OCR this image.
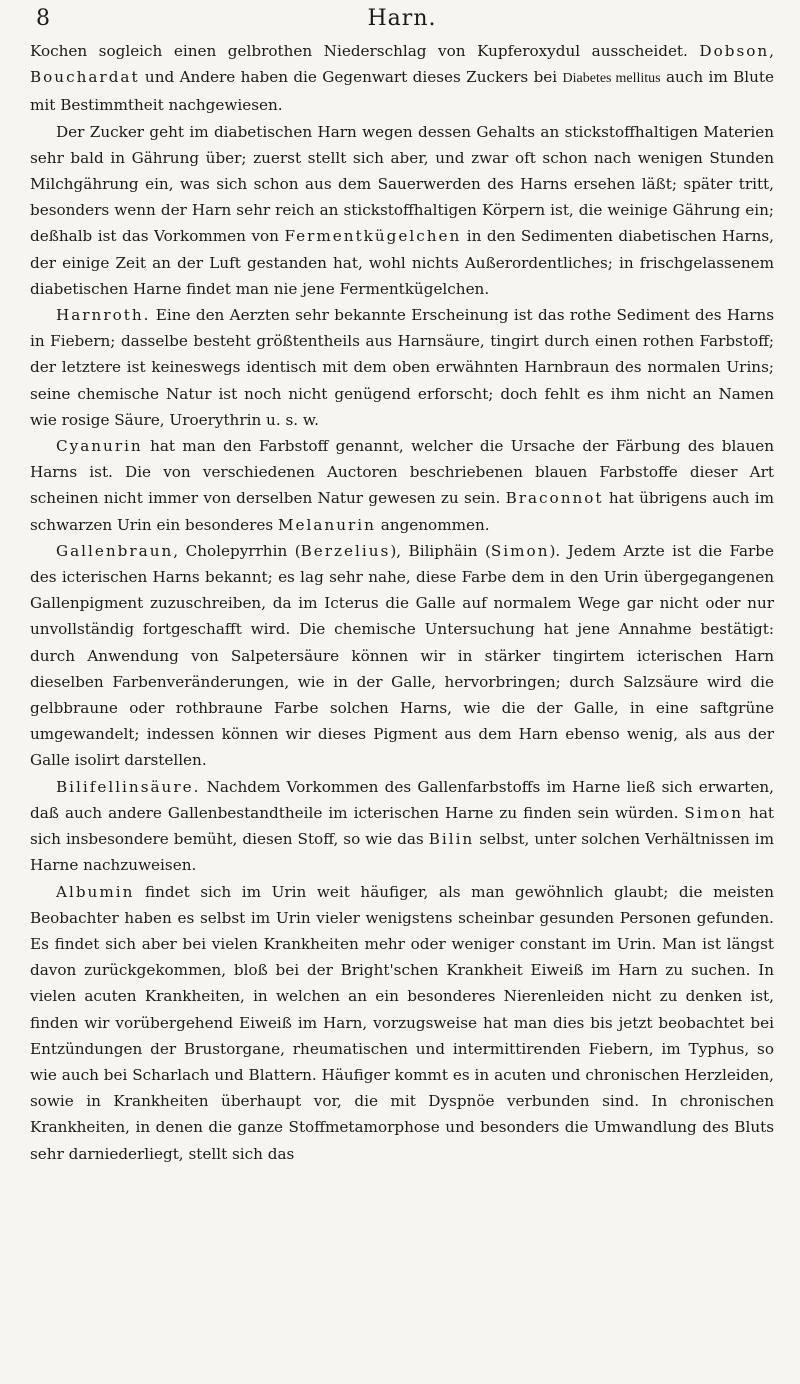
8	Harn.

Kochen sogleich einen gelbrothen Niederschlag von Kupferoxydul ausscheidet. Dobson, Bouchardat und Andere haben die Gegenwart dieses Zuckers bei Diabetes mellitus auch im Blute mit Bestimmtheit nachgewiesen.

Der Zucker geht im diabetischen Harn wegen dessen Gehalts an stickstoffhaltigen Materien sehr bald in Gährung über; zuerst stellt sich aber, und zwar oft schon nach wenigen Stunden Milchgährung ein, was sich schon aus dem Sauerwerden des Harns ersehen läßt; später tritt, besonders wenn der Harn sehr reich an stickstoffhaltigen Körpern ist, die weinige Gährung ein; deßhalb ist das Vorkommen von Fermentkügelchen in den Sedimenten diabetischen Harns, der einige Zeit an der Luft gestanden hat, wohl nichts Außerordentliches; in frischgelassenem diabetischen Harne findet man nie jene Fermentkügelchen.

Harnroth. Eine den Aerzten sehr bekannte Erscheinung ist das rothe Sediment des Harns in Fiebern; dasselbe besteht größtentheils aus Harnsäure, tingirt durch einen rothen Farbstoff; der letztere ist keineswegs identisch mit dem oben erwähnten Harnbraun des normalen Urins; seine chemische Natur ist noch nicht genügend erforscht; doch fehlt es ihm nicht an Namen wie rosige Säure, Uroerythrin u. s. w.

Cyanurin hat man den Farbstoff genannt, welcher die Ursache der Färbung des blauen Harns ist. Die von verschiedenen Auctoren beschriebenen blauen Farbstoffe dieser Art scheinen nicht immer von derselben Natur gewesen zu sein. Braconnot hat übrigens auch im schwarzen Urin ein besonderes Melanurin angenommen.

Gallenbraun, Cholepyrrhin (Berzelius), Biliphäin (Simon). Jedem Arzte ist die Farbe des icterischen Harns bekannt; es lag sehr nahe, diese Farbe dem in den Urin übergegangenen Gallenpigment zuzuschreiben, da im Icterus die Galle auf normalem Wege gar nicht oder nur unvollständig fortgeschafft wird. Die chemische Untersuchung hat jene Annahme bestätigt: durch Anwendung von Salpetersäure können wir in stärker tingirtem icterischen Harn dieselben Farbenveränderungen, wie in der Galle, hervorbringen; durch Salzsäure wird die gelbbraune oder rothbraune Farbe solchen Harns, wie die der Galle, in eine saftgrüne umgewandelt; indessen können wir dieses Pigment aus dem Harn ebenso wenig, als aus der Galle isolirt darstellen.

Bilifellinsäure. Nachdem Vorkommen des Gallenfarbstoffs im Harne ließ sich erwarten, daß auch andere Gallenbestandtheile im icterischen Harne zu finden sein würden. Simon hat sich insbesondere bemüht, diesen Stoff, so wie das Bilin selbst, unter solchen Verhältnissen im Harne nachzuweisen.

Albumin findet sich im Urin weit häufiger, als man gewöhnlich glaubt; die meisten Beobachter haben es selbst im Urin vieler wenigstens scheinbar gesunden Personen gefunden. Es findet sich aber bei vielen Krankheiten mehr oder weniger constant im Urin. Man ist längst davon zurückgekommen, bloß bei der Bright'schen Krankheit Eiweiß im Harn zu suchen. In vielen acuten Krankheiten, in welchen an ein besonderes Nierenleiden nicht zu denken ist, finden wir vorübergehend Eiweiß im Harn, vorzugsweise hat man dies bis jetzt beobachtet bei Entzündungen der Brustorgane, rheumatischen und intermittirenden Fiebern, im Typhus, so wie auch bei Scharlach und Blattern. Häufiger kommt es in acuten und chronischen Herzleiden, sowie in Krankheiten überhaupt vor, die mit Dyspnöe verbunden sind. In chronischen Krankheiten, in denen die ganze Stoffmetamorphose und besonders die Umwandlung des Bluts sehr darniederliegt, stellt sich das
